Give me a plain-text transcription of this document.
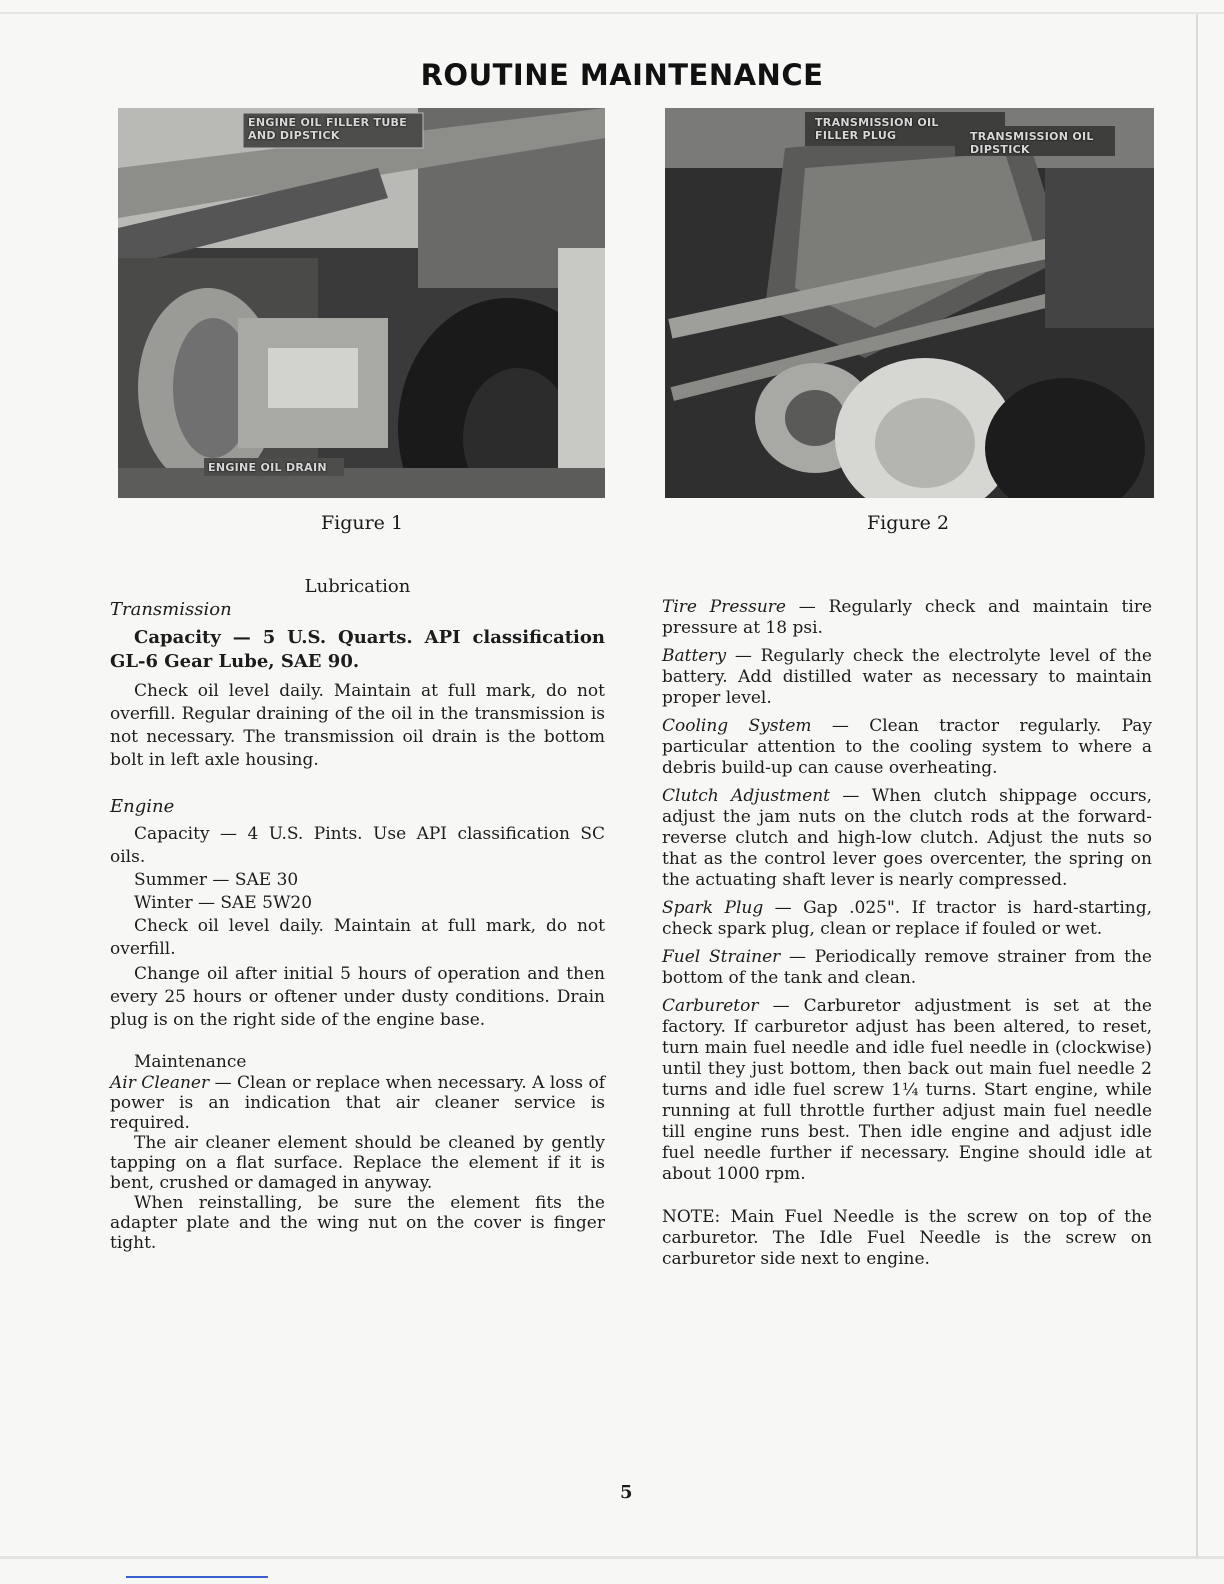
ROUTINE MAINTENANCE
ENGINE OIL FILLER TUBE AND DIPSTICK
ENGINE OIL DRAIN
TRANSMISSION OIL FILLER PLUG	TRANSMISSION OIL DIPSTICK
Figure 1	Figure 2

Lubrication

Transmission

Capacity — 5 U.S. Quarts. API classification GL-6 Gear Lube, SAE 90.

Check oil level daily. Maintain at full mark, do not overfill. Regular draining of the oil in the transmission is not necessary. The transmission oil drain is the bottom bolt in left axle housing.

Engine

Capacity — 4 U.S. Pints. Use API classification SC oils.

Summer — SAE 30

Winter — SAE 5W20

Check oil level daily. Maintain at full mark, do not overfill.

Change oil after initial 5 hours of operation and then every 25 hours or oftener under dusty conditions. Drain plug is on the right side of the engine base.

Maintenance

Air Cleaner — Clean or replace when necessary. A loss of power is an indication that air cleaner service is required.

The air cleaner element should be cleaned by gently tapping on a flat surface. Replace the element if it is bent, crushed or damaged in anyway.

When reinstalling, be sure the element fits the adapter plate and the wing nut on the cover is finger tight.

Tire Pressure — Regularly check and maintain tire pressure at 18 psi.

Battery — Regularly check the electrolyte level of the battery. Add distilled water as necessary to maintain proper level.

Cooling System — Clean tractor regularly. Pay particular attention to the cooling system to where a debris build-up can cause overheating.

Clutch Adjustment — When clutch shippage occurs, adjust the jam nuts on the clutch rods at the forward-reverse clutch and high-low clutch. Adjust the nuts so that as the control lever goes overcenter, the spring on the actuating shaft lever is nearly compressed.

Spark Plug — Gap .025". If tractor is hard-starting, check spark plug, clean or replace if fouled or wet.

Fuel Strainer — Periodically remove strainer from the bottom of the tank and clean.

Carburetor — Carburetor adjustment is set at the factory. If carburetor adjust has been altered, to reset, turn main fuel needle and idle fuel needle in (clockwise) until they just bottom, then back out main fuel needle 2 turns and idle fuel screw 1¼ turns. Start engine, while running at full throttle further adjust main fuel needle till engine runs best. Then idle engine and adjust idle fuel needle further if necessary. Engine should idle at about 1000 rpm.

NOTE: Main Fuel Needle is the screw on top of the carburetor. The Idle Fuel Needle is the screw on carburetor side next to engine.

5
